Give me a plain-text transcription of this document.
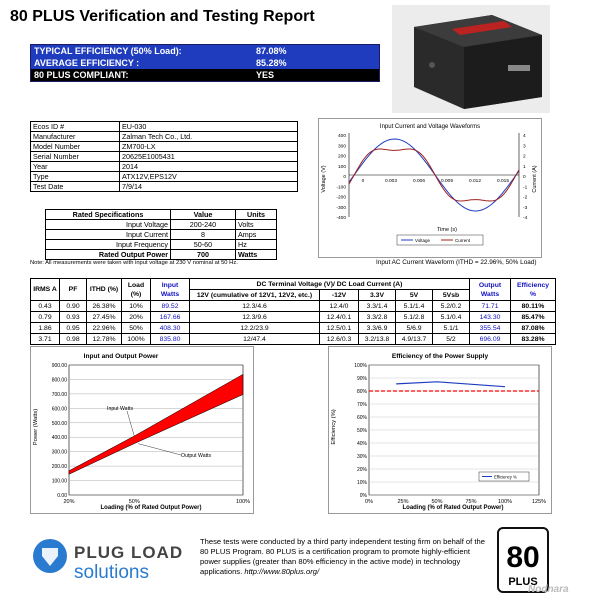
80 PLUS Verification and Testing Report
TYPICAL EFFICIENCY (50% Load):	87.08%
AVERAGE EFFICIENCY :	85.28%
80 PLUS COMPLIANT:	YES
Ecos ID #	EU-030
Manufacturer	Zalman Tech Co., Ltd.
Model Number	ZM700-LX
Serial Number	20625E1005431
Year	2014
Type	ATX12V,EPS12V
Test Date	7/9/14
Rated Specifications	Value	Units
Input Voltage	200-240	Volts
Input Current	8	Amps
Input Frequency	50-60	Hz
Rated Output Power	700	Watts
Note: All measurements were taken with input voltage at 230 V nominal at 50 Hz.
Input Current and Voltage Waveforms
Voltage (V)	Current (A)
Time (s)
400
300
200
100
0
-100
-200
-300
-400
4
3
2
1
0
-1
-2
-3
-4
0	0.003	0.006	0.009	0.012	0.015
Voltage	Current
Input AC Current Waveform (ITHD = 22.96%, 50% Load)
IRMS A	PF	ITHD (%)	Load (%)	Input Watts	DC Terminal Voltage (V)/ DC Load Current (A)					Output Watts	Efficiency %
					12V (cumulative of 12V1, 12V2, etc.)	-12V	3.3V	5V	5Vsb		
0.43	0.90	26.38%	10%	89.52	12.3/4.6	12.4/0	3.3/1.4	5.1/1.4	5.2/0.2	71.71	80.11%
0.79	0.93	27.45%	20%	167.66	12.3/9.6	12.4/0.1	3.3/2.8	5.1/2.8	5.1/0.4	143.30	85.47%
1.86	0.95	22.96%	50%	408.30	12.2/23.9	12.5/0.1	3.3/6.9	5/6.9	5.1/1	355.54	87.08%
3.71	0.98	12.78%	100%	835.80	12/47.4	12.6/0.3	3.2/13.8	4.9/13.7	5/2	696.09	83.28%
Input and Output Power
Power (Watts)
Loading (% of Rated Output Power)
0.00
100.00
200.00
300.00
400.00
500.00
600.00
700.00
800.00
900.00
20%	50%	100%
Input Watts
Output Watts
Efficiency of the Power Supply
Efficiency (%)
Loading (% of Rated Output Power)
0%
10%
20%
30%
40%
50%
60%
70%
80%
90%
100%
0%	25%	50%	75%	100%	125%
Efficiency %
PLUG LOAD
solutions
These tests were conducted by a third party independent testing firm on behalf of the 80 PLUS Program. 80 PLUS is a certification program to promote highly-efficient power supplies (greater than 80% efficiency in the active mode) in technology applications. http://www.80plus.org/	80
PLUS
Nodnara
